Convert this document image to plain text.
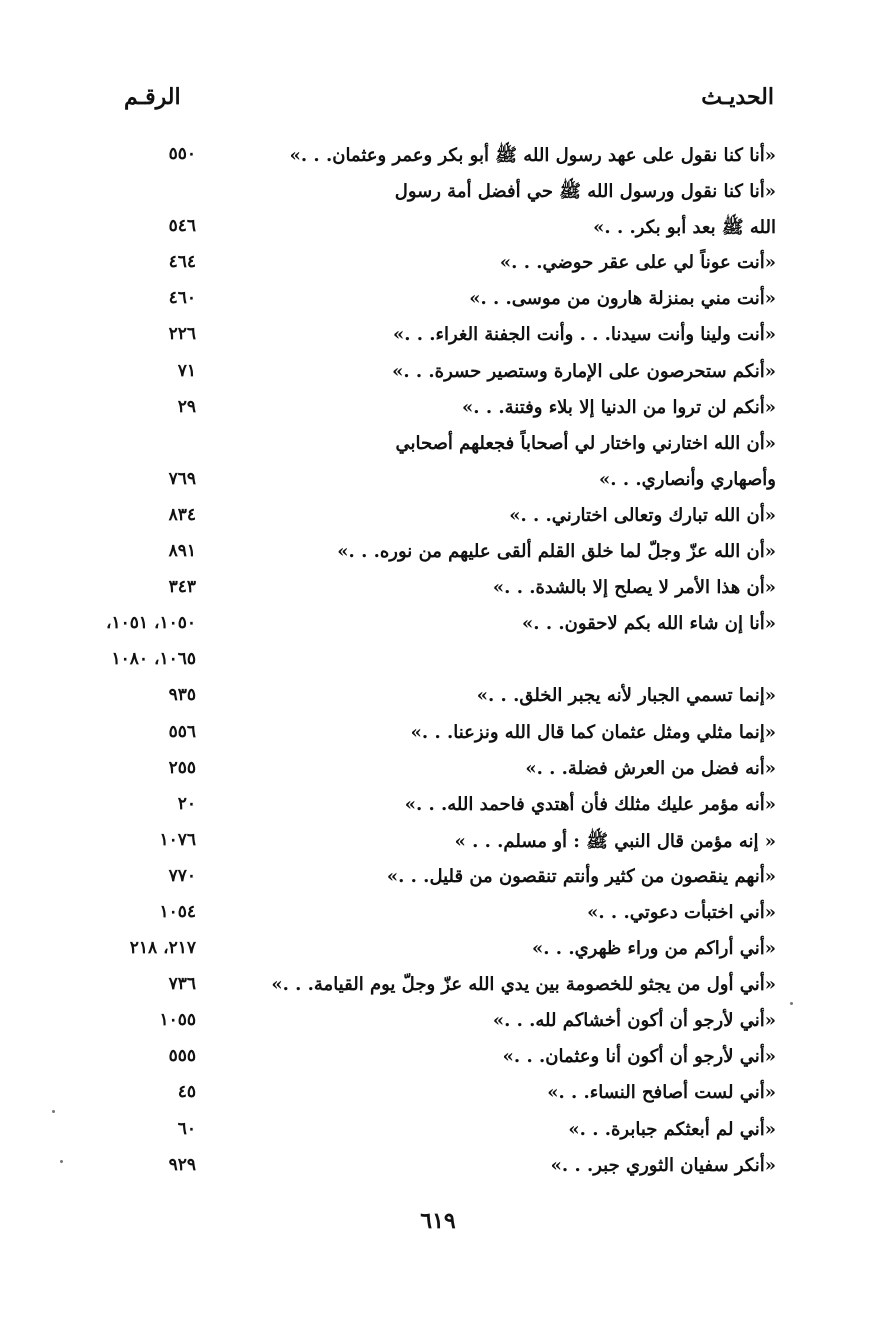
الحديـث
الرقـم
«أنا كنا نقول على عهد رسول الله ﷺ أبو بكر وعمر وعثمان. . .»
٥٥٠
«أنا كنا نقول ورسول الله ﷺ حي أفضل أمة رسول
الله ﷺ بعد أبو بكر. . .»
٥٤٦
«أنت عوناً لي على عقر حوضي. . .»
٤٦٤
«أنت مني بمنزلة هارون من موسى. . .»
٤٦٠
«أنت ولينا وأنت سيدنا. . . وأنت الجفنة الغراء. . .»
٢٢٦
«أنكم ستحرصون على الإمارة وستصير حسرة. . .»
٧١
«أنكم لن تروا من الدنيا إلا بلاء وفتنة. . .»
٢٩
«أن الله اختارني واختار لي أصحاباً فجعلهم أصحابي
وأصهاري وأنصاري. . .»
٧٦٩
«أن الله تبارك وتعالى اختارني. . .»
٨٣٤
«أن الله عزّ وجلّ لما خلق القلم ألقى عليهم من نوره. . .»
٨٩١
«أن هذا الأمر لا يصلح إلا بالشدة. . .»
٣٤٣
«أنا إن شاء الله بكم لاحقون. . .»
١٠٥٠، ١٠٥١،
١٠٦٥، ١٠٨٠
«إنما تسمي الجبار لأنه يجبر الخلق. . .»
٩٣٥
«إنما مثلي ومثل عثمان كما قال الله ونزعنا. . .»
٥٥٦
«أنه فضل من العرش فضلة. . .»
٢٥٥
«أنه مؤمر عليك مثلك فأن أهتدي فاحمد الله. . .»
٢٠
« إنه مؤمن قال النبي ﷺ : أو مسلم. . . »
١٠٧٦
«أنهم ينقصون من كثير وأنتم تنقصون من قليل. . .»
٧٧٠
«أني اختبأت دعوتي. . .»
١٠٥٤
«أني أراكم من وراء ظهري. . .»
٢١٧، ٢١٨
«أني أول من يجثو للخصومة بين يدي الله عزّ وجلّ يوم القيامة. . .»
٧٣٦
«أني لأرجو أن أكون أخشاكم لله. . .»
١٠٥٥
«أني لأرجو أن أكون أنا وعثمان. . .»
٥٥٥
«أني لست أصافح النساء. . .»
٤٥
«أني لم أبعثكم جبابرة. . .»
٦٠
«أنكر سفيان الثوري جبر. . .»
٩٢٩
٦١٩
